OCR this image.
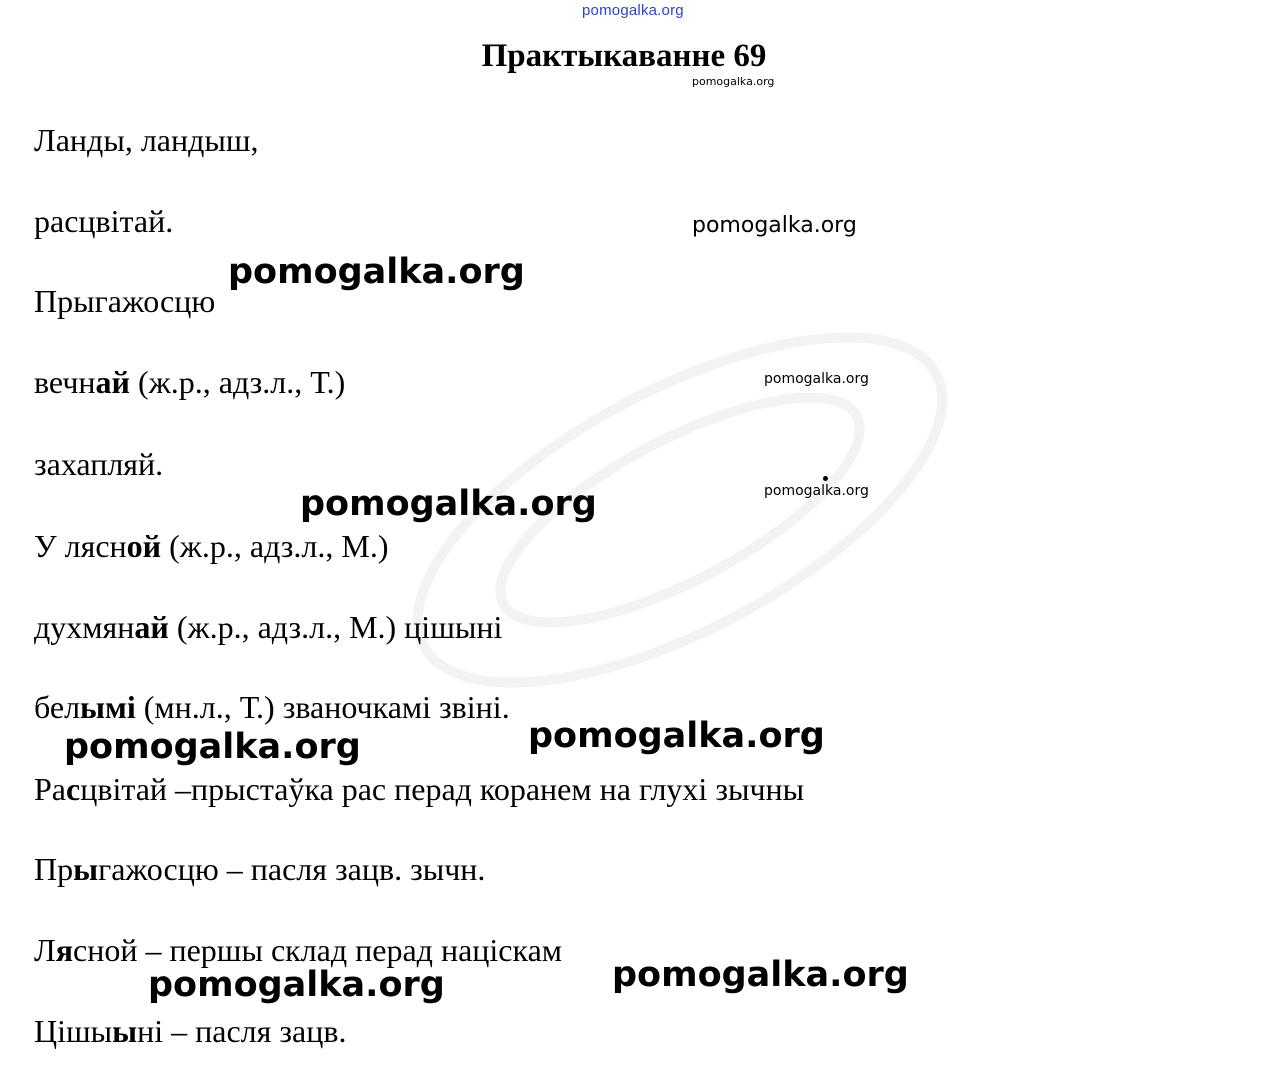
pomogalka.org
Практыкаванне 69
Ланды, ландыш,
расцвітай.
Прыгажосцю
вечнай (ж.р., адз.л., Т.)
захапляй.
У лясной (ж.р., адз.л., М.)
духмянай (ж.р., адз.л., М.) цішыні
белымі (мн.л., Т.) званочкамі звіні.
Расцвітай –прыстаўка рас перад коранем на глухі зычны
Прыгажосцю – пасля зацв. зычн.
Лясной – першы склад перад націскам
Цішыыні – пасля зацв.
pomogalka.org
pomogalka.org
pomogalka.org
pomogalka.org
pomogalka.org	pomogalka.org
pomogalka.org	pomogalka.org
pomogalka.org	pomogalka.org
